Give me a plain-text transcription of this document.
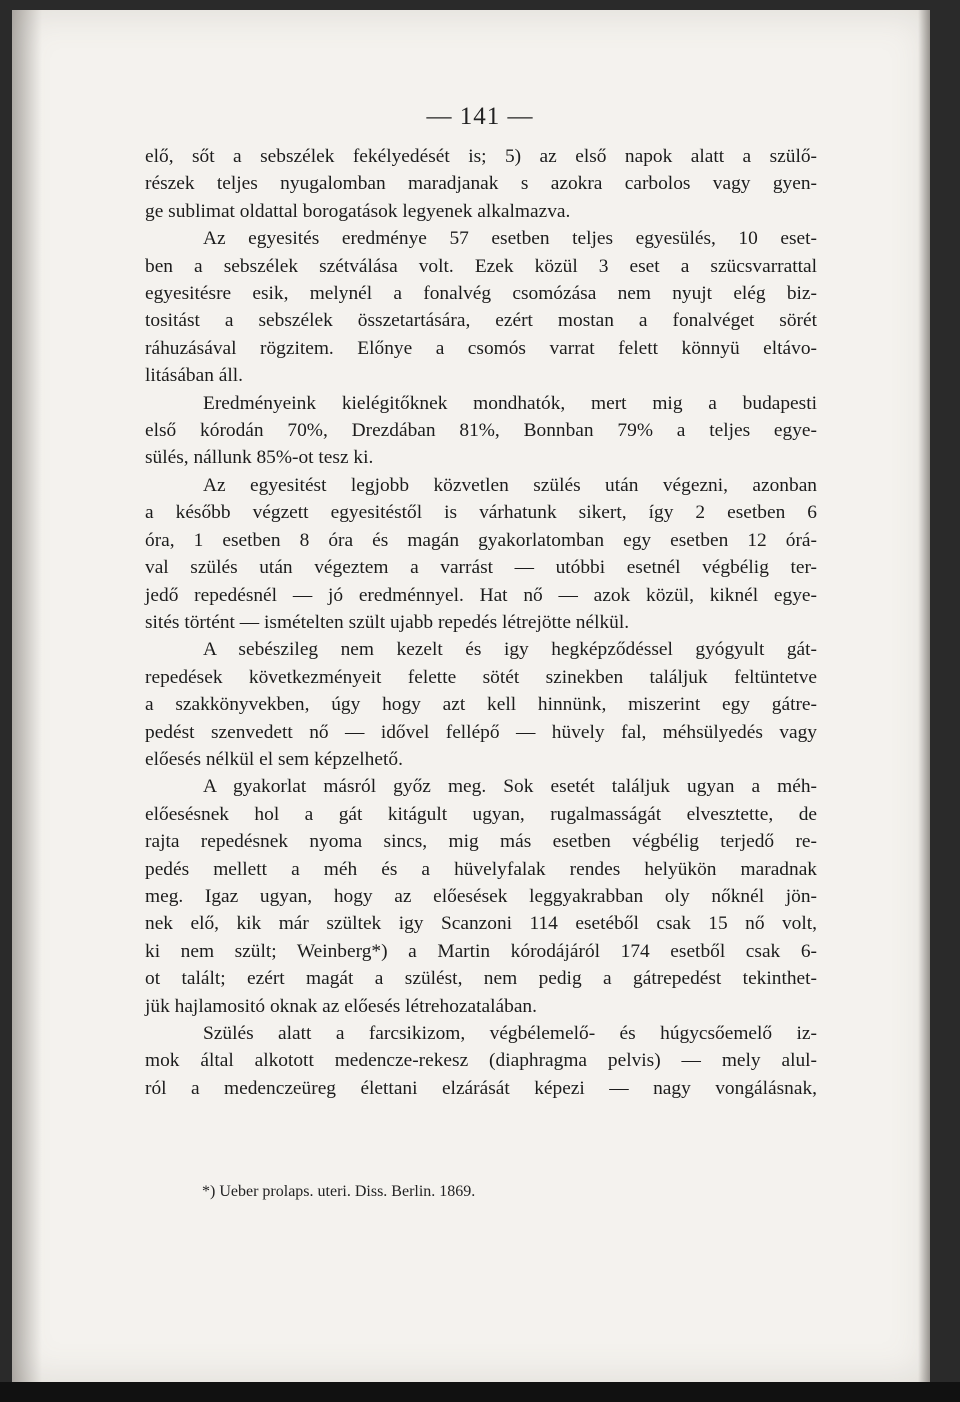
— 141 —
elő, sőt a sebszélek fekélyedését is; 5) az első napok alatt a szülő-
részek teljes nyugalomban maradjanak s azokra carbolos vagy gyen-
ge sublimat oldattal borogatások legyenek alkalmazva.
Az egyesités eredménye 57 esetben teljes egyesülés, 10 eset-
ben a sebszélek szétválása volt. Ezek közül 3 eset a szücsvarrattal
egyesitésre esik, melynél a fonalvég csomózása nem nyujt elég biz-
tositást a sebszélek összetartására, ezért mostan a fonalvéget sörét
ráhuzásával rögzitem. Előnye a csomós varrat felett könnyü eltávo-
litásában áll.
Eredményeink kielégitőknek mondhatók, mert mig a budapesti
első kórodán 70%, Drezdában 81%, Bonnban 79% a teljes egye-
sülés, nállunk 85%-ot tesz ki.
Az egyesitést legjobb közvetlen szülés után végezni, azonban
a később végzett egyesitéstől is várhatunk sikert, így 2 esetben 6
óra, 1 esetben 8 óra és magán gyakorlatomban egy esetben 12 órá-
val szülés után végeztem a varrást — utóbbi esetnél végbélig ter-
jedő repedésnél — jó eredménnyel. Hat nő — azok közül, kiknél egye-
sités történt — ismételten szült ujabb repedés létrejötte nélkül.
A sebészileg nem kezelt és igy hegképződéssel gyógyult gát-
repedések következményeit felette sötét szinekben találjuk feltüntetve
a szakkönyvekben, úgy hogy azt kell hinnünk, miszerint egy gátre-
pedést szenvedett nő — idővel fellépő — hüvely fal, méhsülyedés vagy
előesés nélkül el sem képzelhető.
A gyakorlat másról győz meg. Sok esetét találjuk ugyan a méh-
előesésnek hol a gát kitágult ugyan, rugalmasságát elvesztette, de
rajta repedésnek nyoma sincs, mig más esetben végbélig terjedő re-
pedés mellett a méh és a hüvelyfalak rendes helyükön maradnak
meg. Igaz ugyan, hogy az előesések leggyakrabban oly nőknél jön-
nek elő, kik már szültek igy Scanzoni 114 esetéből csak 15 nő volt,
ki nem szült; Weinberg*) a Martin kórodájáról 174 esetből csak 6-
ot talált; ezért magát a szülést, nem pedig a gátrepedést tekinthet-
jük hajlamositó oknak az előesés létrehozatalában.
Szülés alatt a farcsikizom, végbélemelő- és húgycsőemelő iz-
mok által alkotott medencze-rekesz (diaphragma pelvis) — mely alul-
ról a medenczeüreg élettani elzárását képezi — nagy vongálásnak,
*) Ueber prolaps. uteri. Diss. Berlin. 1869.
